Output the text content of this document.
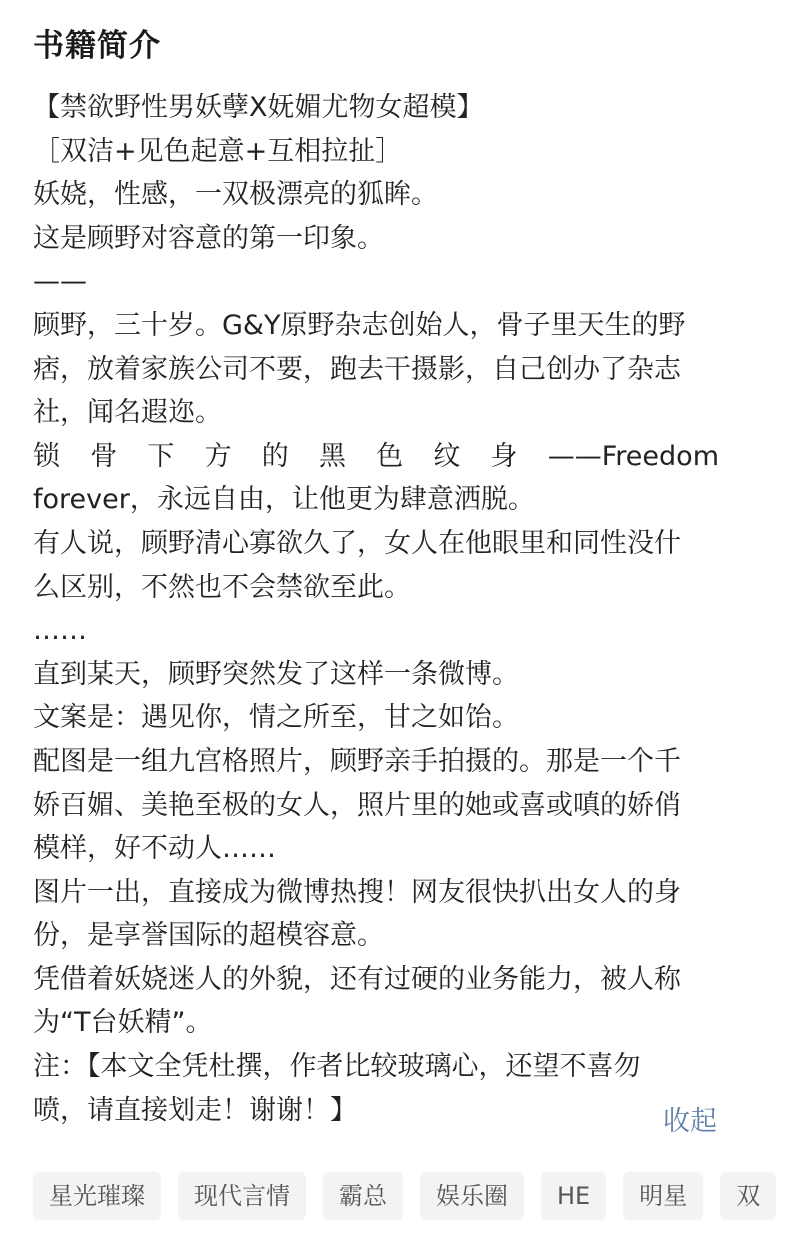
书籍简介
【禁欲野性男妖孽X妩媚尤物女超模】
［双洁+见色起意+互相拉扯］
妖娆，性感，一双极漂亮的狐眸。
这是顾野对容意的第一印象。
——
顾野，三十岁。G&Y原野杂志创始人，骨子里天生的野
痞，放着家族公司不要，跑去干摄影，自己创办了杂志
社，闻名遐迩。
锁骨下方的黑色纹身——Freedom
forever，永远自由，让他更为肆意洒脱。
有人说，顾野清心寡欲久了，女人在他眼里和同性没什
么区别，不然也不会禁欲至此。
……
直到某天，顾野突然发了这样一条微博。
文案是：遇见你，情之所至，甘之如饴。
配图是一组九宫格照片，顾野亲手拍摄的。那是一个千
娇百媚、美艳至极的女人，照片里的她或喜或嗔的娇俏
模样，好不动人……
图片一出，直接成为微博热搜！网友很快扒出女人的身
份，是享誉国际的超模容意。
凭借着妖娆迷人的外貌，还有过硬的业务能力，被人称
为“T台妖精”。
注：【本文全凭杜撰，作者比较玻璃心，还望不喜勿
喷，请直接划走！谢谢！】	收起
星光璀璨 现代言情 霸总 娱乐圈 HE 明星 双
